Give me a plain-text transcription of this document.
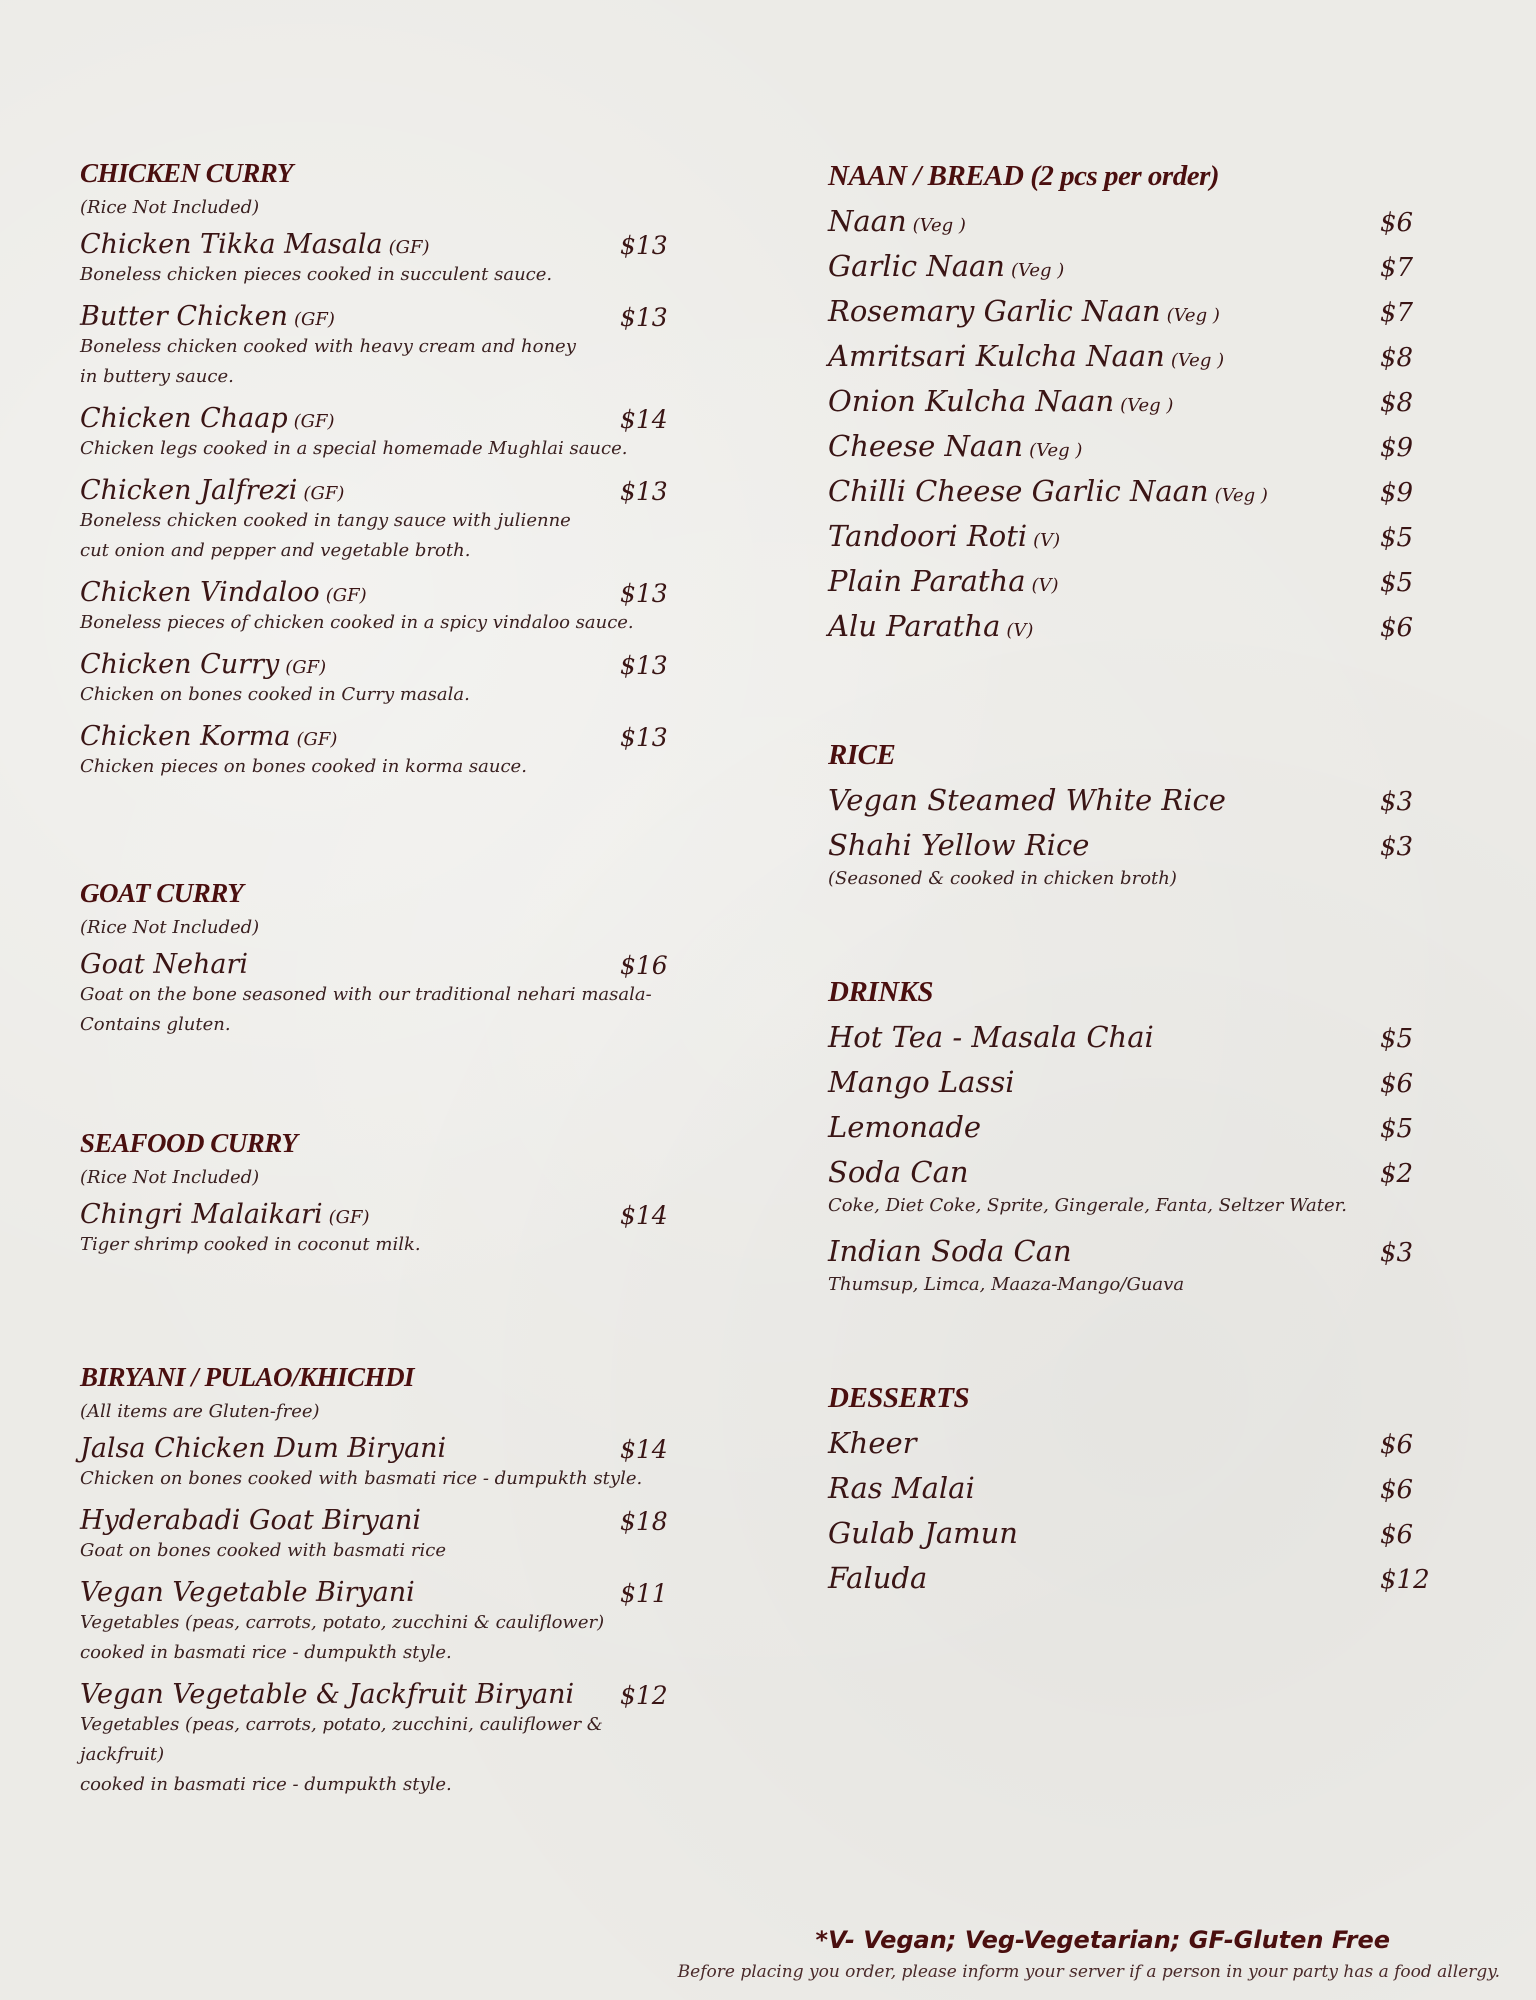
CHICKEN CURRY
(Rice Not Included)
Chicken Tikka Masala (GF)	$13
Boneless chicken pieces cooked in succulent sauce.
Butter Chicken (GF)	$13
Boneless chicken cooked with heavy cream and honey
in buttery sauce.
Chicken Chaap (GF)	$14
Chicken legs cooked in a special homemade Mughlai sauce.
Chicken Jalfrezi (GF)	$13
Boneless chicken cooked in tangy sauce with julienne
cut onion and pepper and vegetable broth.
Chicken Vindaloo (GF)	$13
Boneless pieces of chicken cooked in a spicy vindaloo sauce.
Chicken Curry (GF)	$13
Chicken on bones cooked in Curry masala.
Chicken Korma (GF)	$13
Chicken pieces on bones cooked in korma sauce.
GOAT CURRY
(Rice Not Included)
Goat Nehari	$16
Goat on the bone seasoned with our traditional nehari masala-
Contains gluten.
SEAFOOD CURRY
(Rice Not Included)
Chingri Malaikari (GF)	$14
Tiger shrimp cooked in coconut milk.
BIRYANI / PULAO/KHICHDI
(All items are Gluten-free)
Jalsa Chicken Dum Biryani	$14
Chicken on bones cooked with basmati rice - dumpukth style.
Hyderabadi Goat Biryani	$18
Goat on bones cooked with basmati rice
Vegan Vegetable Biryani	$11
Vegetables (peas, carrots, potato, zucchini & cauliflower)
cooked in basmati rice - dumpukth style.
Vegan Vegetable & Jackfruit Biryani $12
Vegetables (peas, carrots, potato, zucchini, cauliflower & jackfruit)
cooked in basmati rice - dumpukth style.
NAAN / BREAD (2 pcs per order)
Naan (Veg )	$6
Garlic Naan (Veg )	$7
Rosemary Garlic Naan (Veg )	$7
Amritsari Kulcha Naan (Veg )	$8
Onion Kulcha Naan (Veg )	$8
Cheese Naan (Veg )	$9
Chilli Cheese Garlic Naan (Veg )	$9
Tandoori Roti (V)	$5
Plain Paratha (V)	$5
Alu Paratha (V)	$6
RICE
Vegan Steamed White Rice	$3
Shahi Yellow Rice	$3
(Seasoned & cooked in chicken broth)
DRINKS
Hot Tea - Masala Chai	$5
Mango Lassi	$6
Lemonade	$5
Soda Can	$2
Coke, Diet Coke, Sprite, Gingerale, Fanta, Seltzer Water.
Indian Soda Can	$3
Thumsup, Limca, Maaza-Mango/Guava
DESSERTS
Kheer	$6
Ras Malai	$6
Gulab Jamun	$6
Faluda	$12
*V- Vegan; Veg-Vegetarian; GF-Gluten Free
Before placing you order, please inform your server if a person in your party has a food allergy.
